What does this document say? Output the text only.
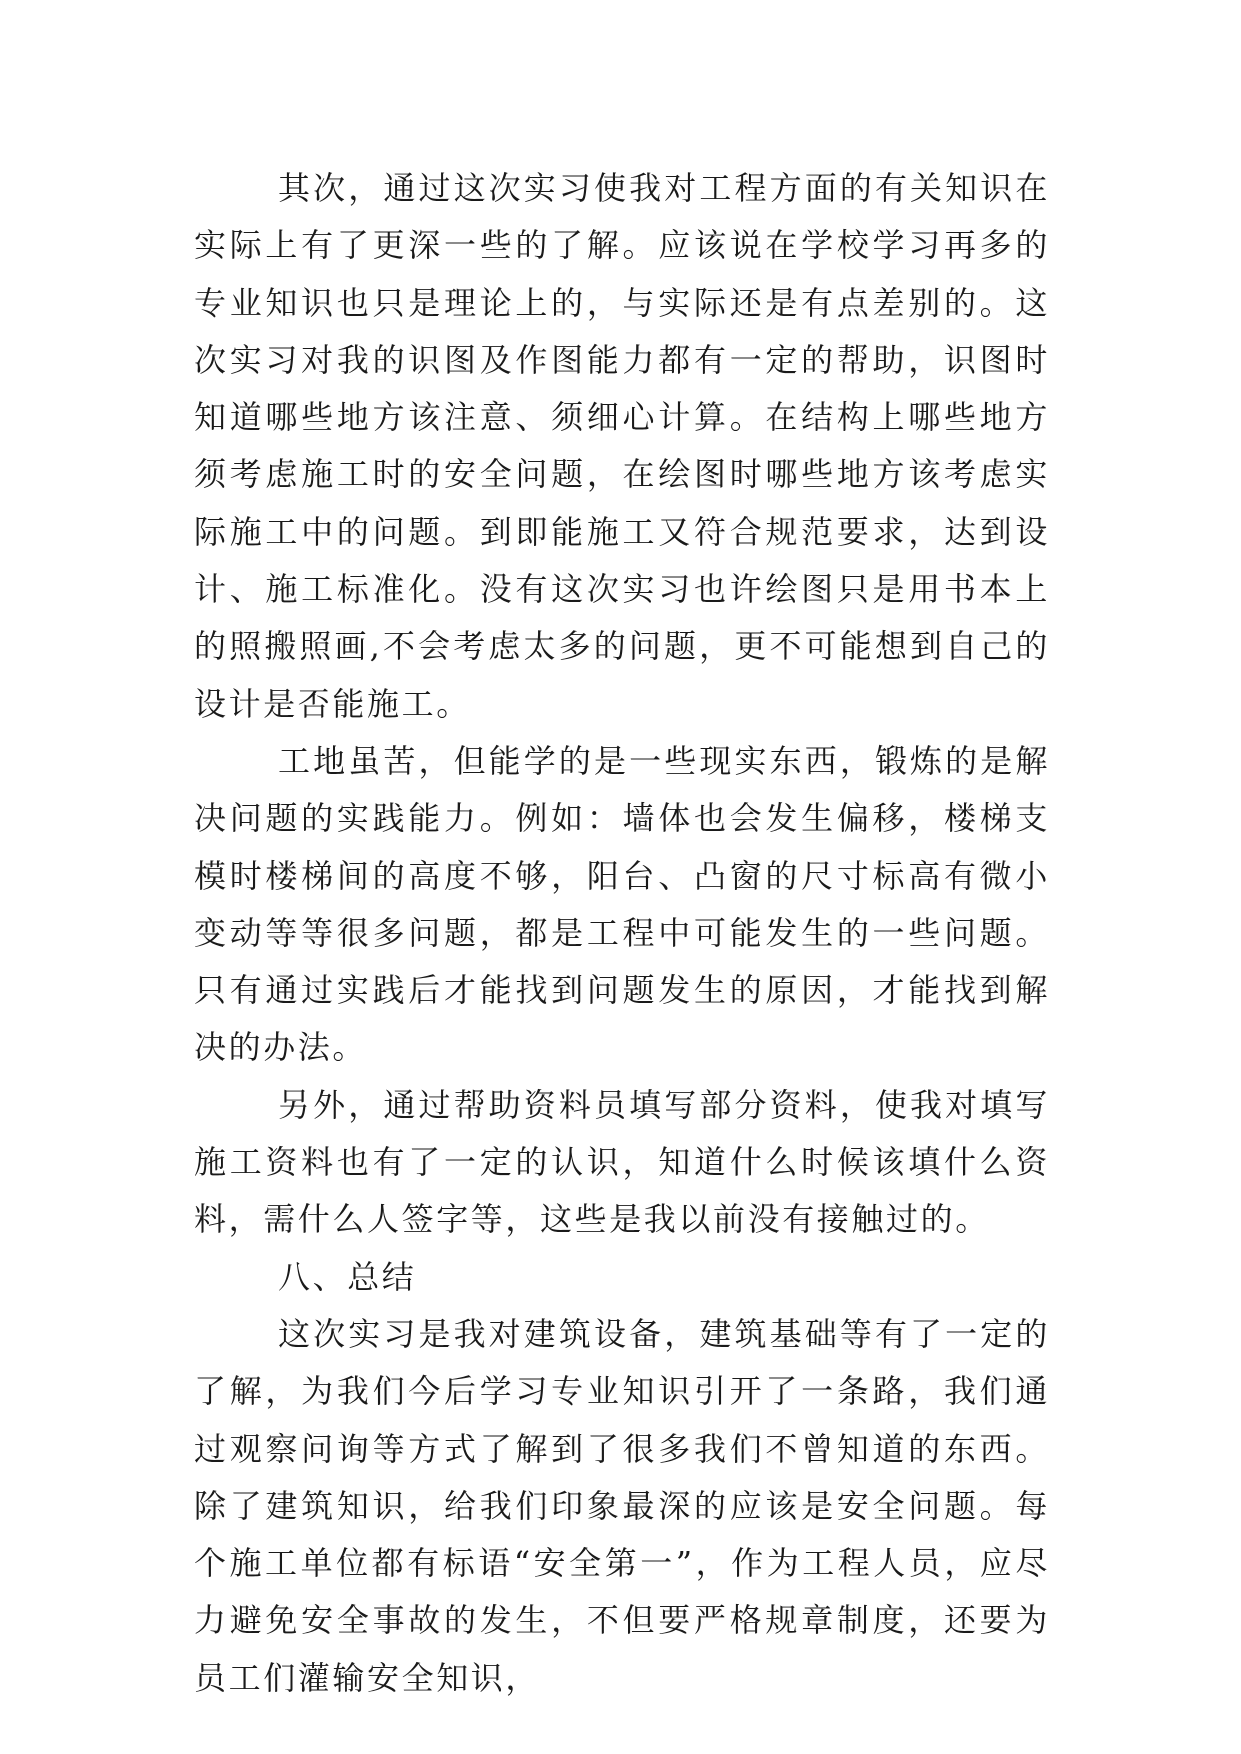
其次，通过这次实习使我对工程方面的有关知识在实际上有了更深一些的了解。应该说在学校学习再多的专业知识也只是理论上的，与实际还是有点差别的。这次实习对我的识图及作图能力都有一定的帮助，识图时知道哪些地方该注意、须细心计算。在结构上哪些地方须考虑施工时的安全问题，在绘图时哪些地方该考虑实际施工中的问题。到即能施工又符合规范要求，达到设计、施工标准化。没有这次实习也许绘图只是用书本上的照搬照画,不会考虑太多的问题，更不可能想到自己的设计是否能施工。

工地虽苦，但能学的是一些现实东西，锻炼的是解决问题的实践能力。例如：墙体也会发生偏移，楼梯支模时楼梯间的高度不够，阳台、凸窗的尺寸标高有微小变动等等很多问题，都是工程中可能发生的一些问题。只有通过实践后才能找到问题发生的原因，才能找到解决的办法。

另外，通过帮助资料员填写部分资料，使我对填写施工资料也有了一定的认识，知道什么时候该填什么资料，需什么人签字等，这些是我以前没有接触过的。

八、总结

这次实习是我对建筑设备，建筑基础等有了一定的了解，为我们今后学习专业知识引开了一条路，我们通过观察问询等方式了解到了很多我们不曾知道的东西。除了建筑知识，给我们印象最深的应该是安全问题。每个施工单位都有标语“安全第一”，作为工程人员，应尽力避免安全事故的发生，不但要严格规章制度，还要为员工们灌输安全知识，
